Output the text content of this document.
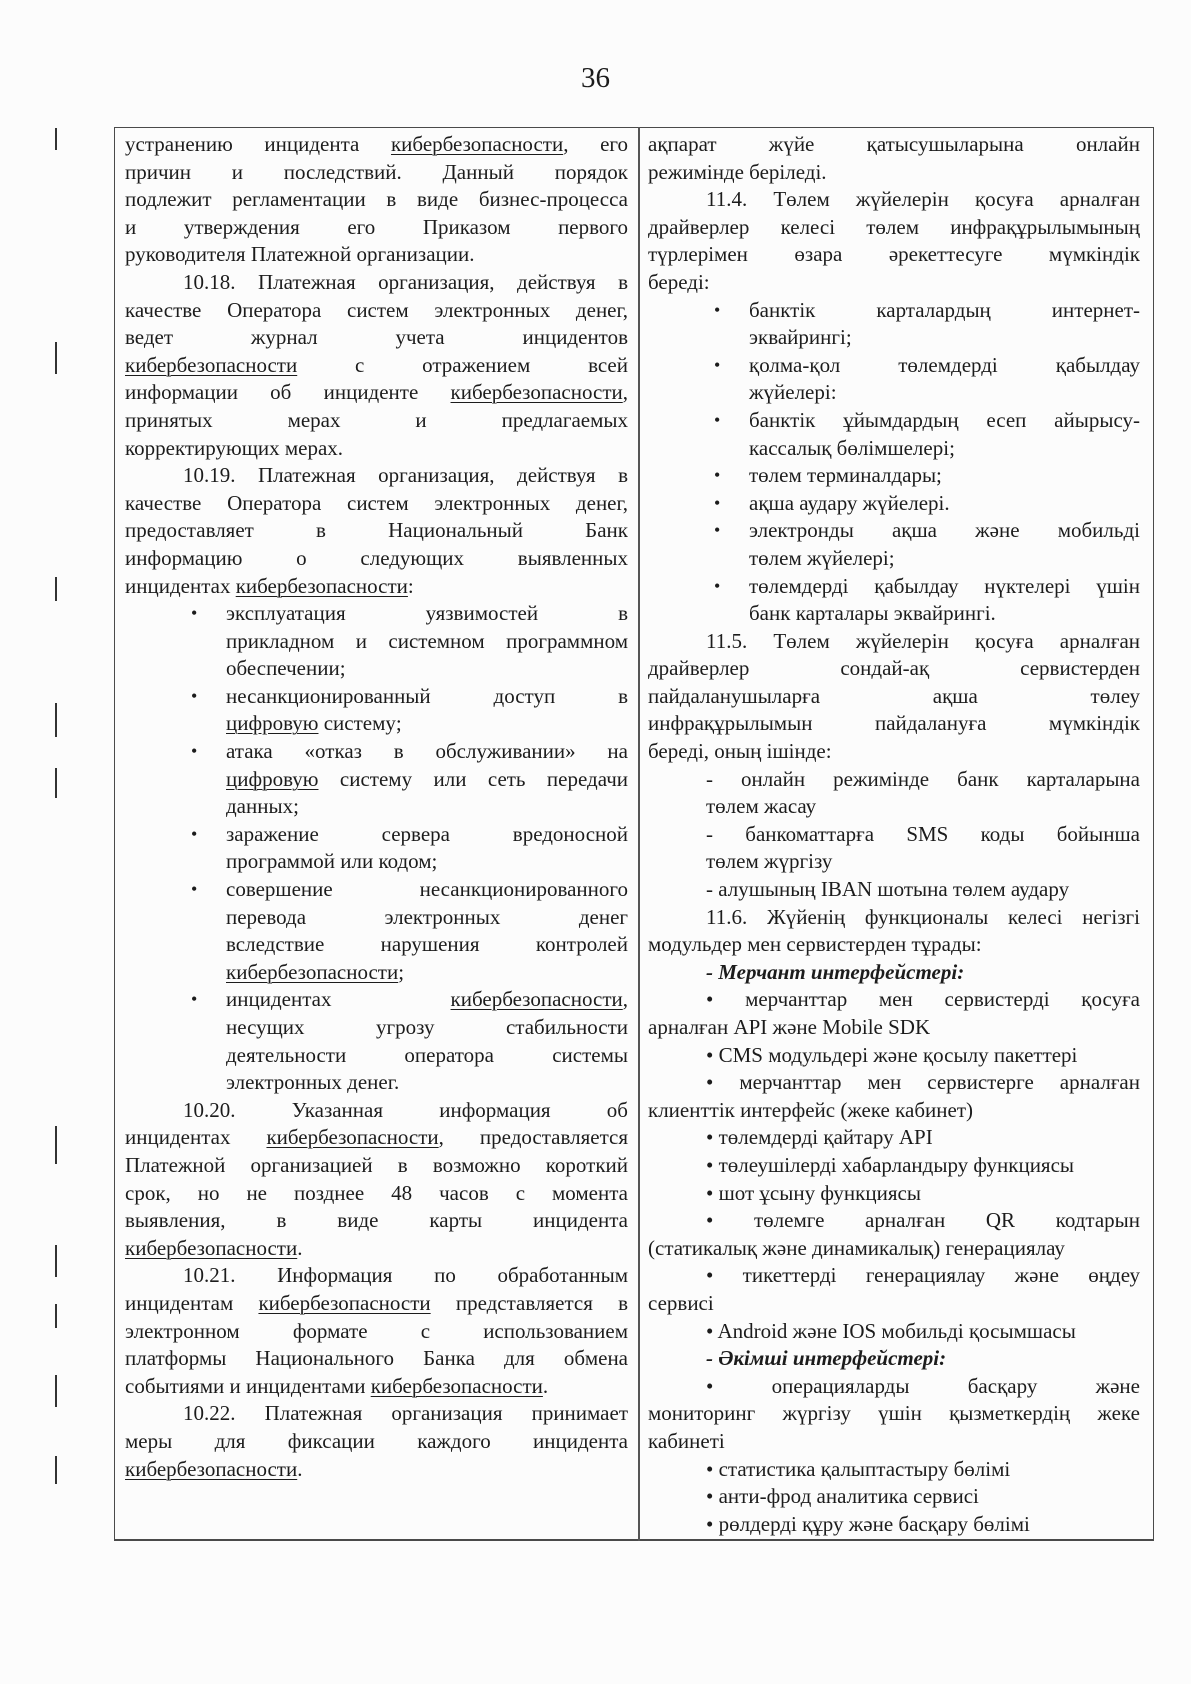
36
устранению инцидента кибербезопасности, его
причин и последствий. Данный порядок
подлежит регламентации в виде бизнес-процесса
и утверждения его Приказом первого
руководителя Платежной организации.
10.18. Платежная организация, действуя в
качестве Оператора систем электронных денег,
ведет журнал учета инцидентов
кибербезопасности с отражением всей
информации об инциденте кибербезопасности,
принятых мерах и предлагаемых
корректирующих мерах.
10.19. Платежная организация, действуя в
качестве Оператора систем электронных денег,
предоставляет в Национальный Банк
информацию о следующих выявленных
инцидентах кибербезопасности:
• эксплуатация уязвимостей в
прикладном и системном программном
обеспечении;
• несанкционированный доступ в
цифровую системy;
• атака «отказ в обслуживании» на
цифровую систему или сеть передачи
данных;
• заражение сервера вредоносной
программой или кодом;
• совершение несанкционированного
перевода электронных денег
вследствие нарушения контролей
кибербезопасности;
• инцидентах кибербезопасности,
несущих угрозу стабильности
деятельности оператора системы
электронных денег.
10.20. Указанная информация об
инцидентах кибербезопасности, предоставляется
Платежной организацией в возможно короткий
срок, но не позднее 48 часов с момента
выявления, в виде карты инцидента
кибербезопасности.
10.21. Информация по обработанным
инцидентам кибербезопасности представляется в
электронном формате с использованием
платформы Национального Банка для обмена
событиями и инцидентами кибербезопасности.
10.22. Платежная организация принимает
меры для фиксации каждого инцидента
кибербезопасности.
ақпарат жүйе қатысушыларына онлайн
режимінде беріледі.
11.4. Төлем жүйелерін қосуға арналған
драйверлер келесі төлем инфрақұрылымының
түрлерімен өзара әрекеттесуге мүмкіндік
береді:
• банктік карталардың интернет-
эквайрингі;
• қолма-қол төлемдерді қабылдау
жүйелері:
• банктік ұйымдардың есеп айырысу-
кассалық бөлімшелері;
• төлем терминалдары;
• ақша аудару жүйелері.
• электронды ақша және мобильді
төлем жүйелері;
• төлемдерді қабылдау нүктелері үшін
банк карталары эквайрингі.
11.5. Төлем жүйелерін қосуға арналған
драйверлер сондай-ақ сервистерден
пайдаланушыларға ақша төлеу
инфрақұрылымын пайдалануға мүмкіндік
береді, оның ішінде:
- онлайн режимінде банк карталарына
төлем жасау
- банкоматтарға SMS коды бойынша
төлем жүргізу
- алушының IBAN шотына төлем аудару
11.6. Жүйенің функционалы келесі негізгі
модульдер мен сервистерден тұрады:
- Мерчант интерфейстері:
• мерчанттар мен сервистерді қосуға
арналған API және Mobile SDK
• CMS модульдері және қосылу пакеттері
• мерчанттар мен сервистерге арналған
клиенттік интерфейс (жеке кабинет)
• төлемдерді қайтару API
• төлеушілерді хабарландыру функциясы
• шот ұсыну функциясы
• төлемге арналған QR кодтарын
(статикалық және динамикалық) генерациялау
• тикеттерді генерациялау және өңдеу
сервисі
• Android және IOS мобильді қосымшасы
- Әкімші интерфейстері:
• операцияларды басқару және
мониторинг жүргізу үшін қызметкердің жеке
кабинеті
• статистика қалыптастыру бөлімі
• анти-фрод аналитика сервисі
• рөлдерді құру және басқару бөлімі
